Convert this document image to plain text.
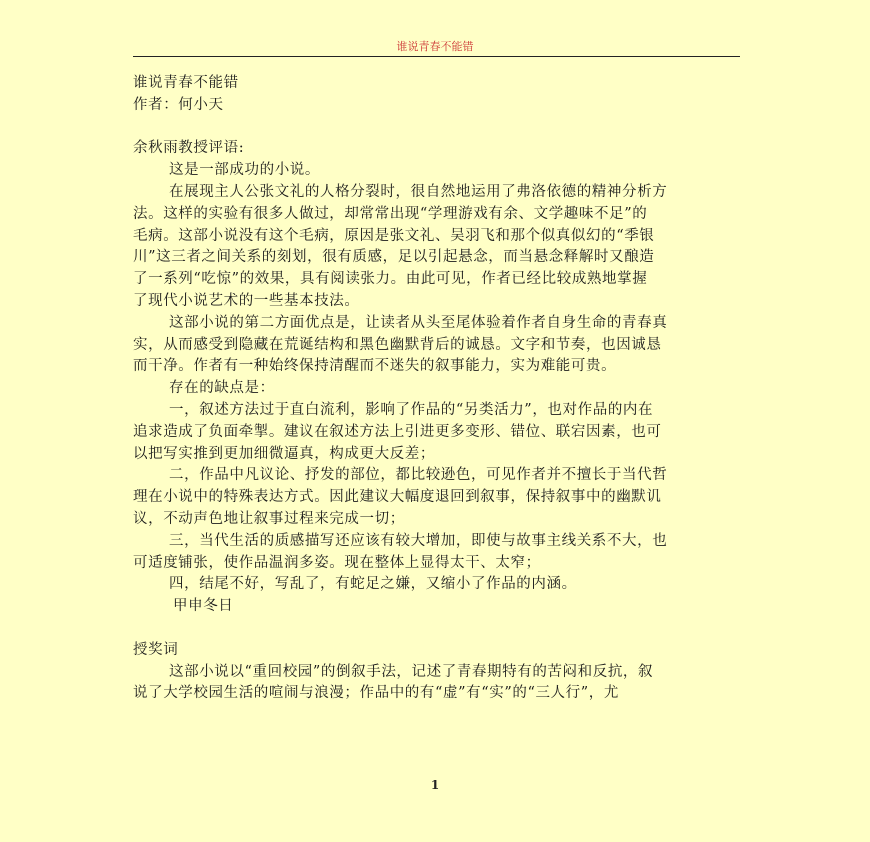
谁说青春不能错
谁说青春不能错
作者：何小天
余秋雨教授评语:
这是一部成功的小说。
在展现主人公张文礼的人格分裂时，很自然地运用了弗洛依德的精神分析方
法。这样的实验有很多人做过，却常常出现“学理游戏有余、文学趣味不足”的
毛病。这部小说没有这个毛病，原因是张文礼、吴羽飞和那个似真似幻的“季银
川”这三者之间关系的刻划，很有质感，足以引起悬念，而当悬念释解时又酿造
了一系列“吃惊”的效果，具有阅读张力。由此可见，作者已经比较成熟地掌握
了现代小说艺术的一些基本技法。
这部小说的第二方面优点是，让读者从头至尾体验着作者自身生命的青春真
实，从而感受到隐藏在荒诞结构和黑色幽默背后的诚恳。文字和节奏，也因诚恳
而干净。作者有一种始终保持清醒而不迷失的叙事能力，实为难能可贵。
存在的缺点是：
一，叙述方法过于直白流利，影响了作品的“另类活力”，也对作品的内在
追求造成了负面牵掣。建议在叙述方法上引进更多变形、错位、联宕因素，也可
以把写实推到更加细微逼真，构成更大反差；
二，作品中凡议论、抒发的部位，都比较逊色，可见作者并不擅长于当代哲
理在小说中的特殊表达方式。因此建议大幅度退回到叙事，保持叙事中的幽默讥
议，不动声色地让叙事过程来完成一切；
三，当代生活的质感描写还应该有较大增加，即使与故事主线关系不大，也
可适度铺张，使作品温润多姿。现在整体上显得太干、太窄；
四，结尾不好，写乱了，有蛇足之嫌，又缩小了作品的内涵。
甲申冬日
授奖词
这部小说以“重回校园”的倒叙手法，记述了青春期特有的苦闷和反抗，叙
说了大学校园生活的喧闹与浪漫；作品中的有“虚”有“实”的“三人行”，尤
1
